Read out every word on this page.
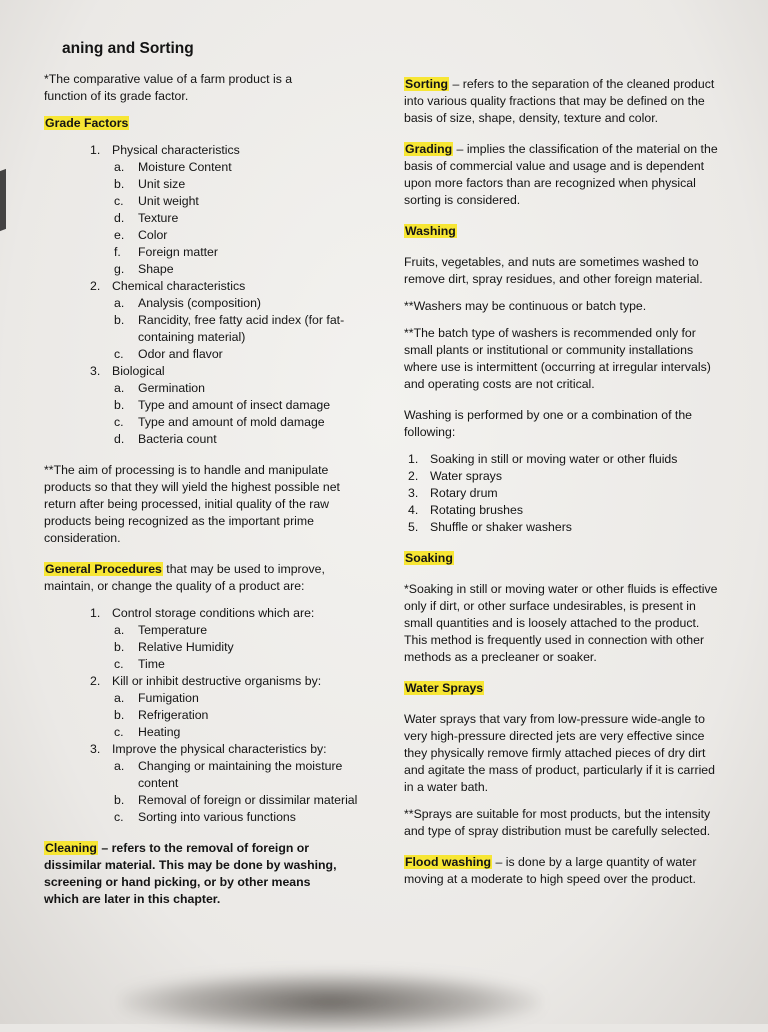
aning and Sorting

*The comparative value of a farm product is a function of its grade factor.

Grade Factors

1. Physical characteristics
a. Moisture Content
b. Unit size
c. Unit weight
d. Texture
e. Color
f. Foreign matter
g. Shape
2. Chemical characteristics
a. Analysis (composition)
b. Rancidity, free fatty acid index (for fat-containing material)
c. Odor and flavor
3. Biological
a. Germination
b. Type and amount of insect damage
c. Type and amount of mold damage
d. Bacteria count

**The aim of processing is to handle and manipulate products so that they will yield the highest possible net return after being processed, initial quality of the raw products being recognized as the important prime consideration.

General Procedures that may be used to improve, maintain, or change the quality of a product are:

1. Control storage conditions which are:
a. Temperature
b. Relative Humidity
c. Time
2. Kill or inhibit destructive organisms by:
a. Fumigation
b. Refrigeration
c. Heating
3. Improve the physical characteristics by:
a. Changing or maintaining the moisture content
b. Removal of foreign or dissimilar material
c. Sorting into various functions

Cleaning – refers to the removal of foreign or dissimilar material. This may be done by washing, screening or hand picking, or by other means which are later in this chapter.

Sorting – refers to the separation of the cleaned product into various quality fractions that may be defined on the basis of size, shape, density, texture and color.

Grading – implies the classification of the material on the basis of commercial value and usage and is dependent upon more factors than are recognized when physical sorting is considered.

Washing

Fruits, vegetables, and nuts are sometimes washed to remove dirt, spray residues, and other foreign material.

**Washers may be continuous or batch type.

**The batch type of washers is recommended only for small plants or institutional or community installations where use is intermittent (occurring at irregular intervals) and operating costs are not critical.

Washing is performed by one or a combination of the following:

1. Soaking in still or moving water or other fluids
2. Water sprays
3. Rotary drum
4. Rotating brushes
5. Shuffle or shaker washers

Soaking

*Soaking in still or moving water or other fluids is effective only if dirt, or other surface undesirables, is present in small quantities and is loosely attached to the product. This method is frequently used in connection with other methods as a precleaner or soaker.

Water Sprays

Water sprays that vary from low-pressure wide-angle to very high-pressure directed jets are very effective since they physically remove firmly attached pieces of dry dirt and agitate the mass of product, particularly if it is carried in a water bath.

**Sprays are suitable for most products, but the intensity and type of spray distribution must be carefully selected.

Flood washing – is done by a large quantity of water moving at a moderate to high speed over the product.
